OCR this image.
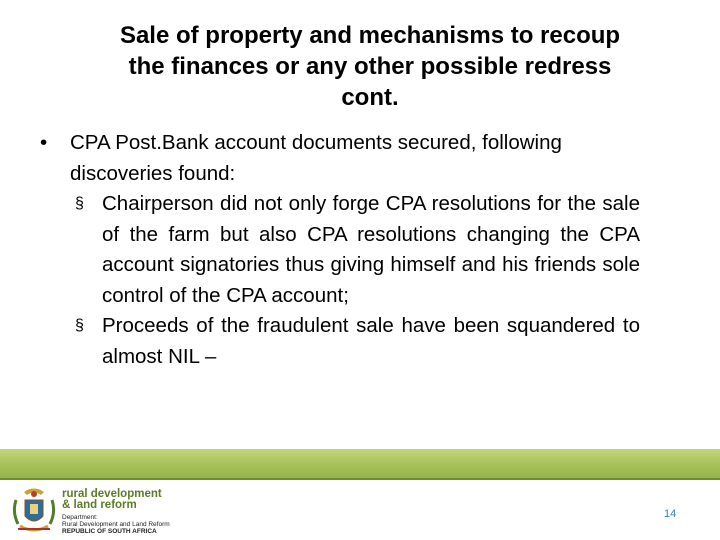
Sale of property and mechanisms to recoup the finances or any other possible redress cont.
•	CPA Post.Bank account documents secured, following discoveries found:
§ Chairperson did not only forge CPA resolutions for the sale of the farm but also CPA resolutions changing the CPA account signatories thus giving himself and his friends sole control of the CPA account;
§ Proceeds of the fraudulent sale have been squandered to almost NIL –
rural development
& land reform
Department:
Rural Development and Land Reform
REPUBLIC OF SOUTH AFRICA
14
